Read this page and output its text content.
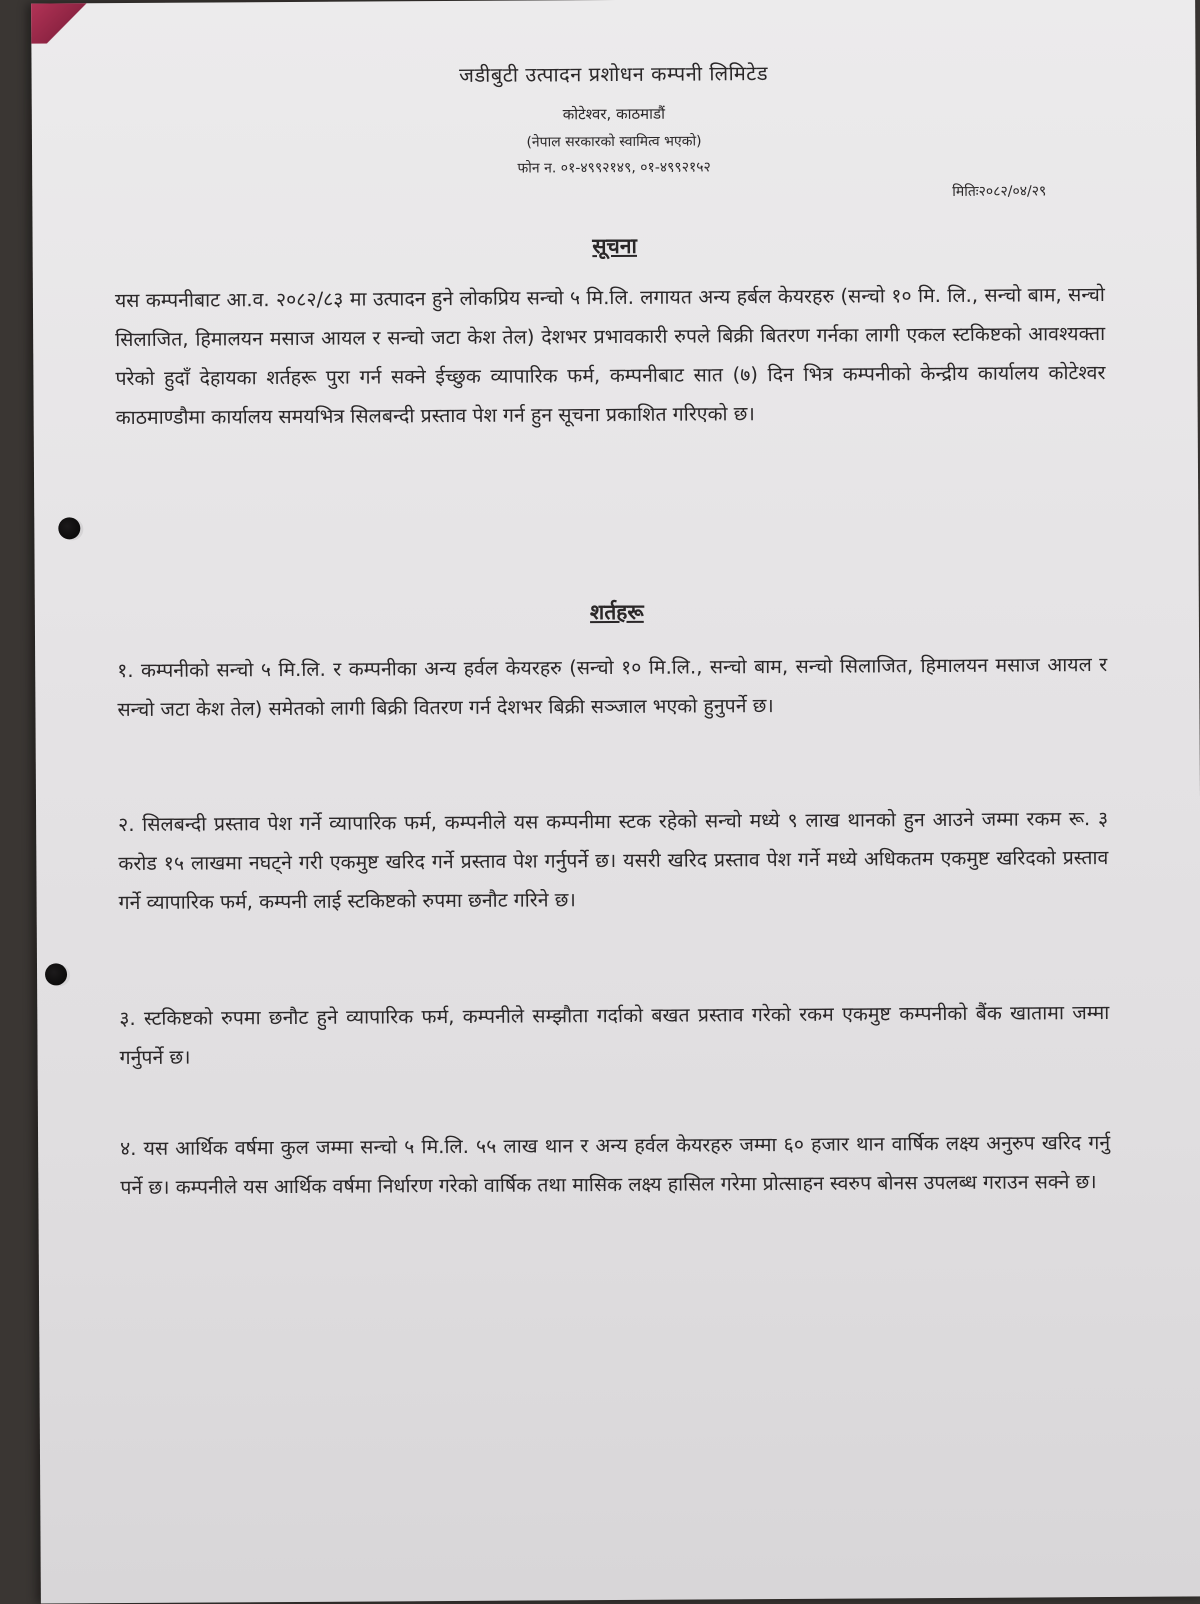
जडीबुटी उत्पादन प्रशोधन कम्पनी लिमिटेड
कोटेश्वर, काठमाडौं
(नेपाल सरकारको स्वामित्व भएको)
फोन न. ०१-४९९२१४९, ०१-४९९२१५२
मितिः२०८२/०४/२९
सूचना
यस कम्पनीबाट आ.व. २०८२/८३ मा उत्पादन हुने लोकप्रिय सन्चो ५ मि.लि. लगायत अन्य हर्बल केयरहरु (सन्चो १० मि. लि., सन्चो बाम, सन्चो सिलाजित, हिमालयन मसाज आयल र सन्चो जटा केश तेल) देशभर प्रभावकारी रुपले बिक्री बितरण गर्नका लागी एकल स्टकिष्टको आवश्यक्ता परेको हुदाँ देहायका शर्तहरू पुरा गर्न सक्ने ईच्छुक व्यापारिक फर्म, कम्पनीबाट सात (७) दिन भित्र कम्पनीको केन्द्रीय कार्यालय कोटेश्वर काठमाण्डौमा कार्यालय समयभित्र सिलबन्दी प्रस्ताव पेश गर्न हुन सूचना प्रकाशित गरिएको छ।
शर्तहरू
१. कम्पनीको सन्चो ५ मि.लि. र कम्पनीका अन्य हर्वल केयरहरु (सन्चो १० मि.लि., सन्चो बाम, सन्चो सिलाजित, हिमालयन मसाज आयल र सन्चो जटा केश तेल) समेतको लागी बिक्री वितरण गर्न देशभर बिक्री सञ्जाल भएको हुनुपर्ने छ।
२. सिलबन्दी प्रस्ताव पेश गर्ने व्यापारिक फर्म, कम्पनीले यस कम्पनीमा स्टक रहेको सन्चो मध्ये ९ लाख थानको हुन आउने जम्मा रकम रू. ३ करोड १५ लाखमा नघट्ने गरी एकमुष्ट खरिद गर्ने प्रस्ताव पेश गर्नुपर्ने छ। यसरी खरिद प्रस्ताव पेश गर्ने मध्ये अधिकतम एकमुष्ट खरिदको प्रस्ताव गर्ने व्यापारिक फर्म, कम्पनी लाई स्टकिष्टको रुपमा छनौट गरिने छ।
३. स्टकिष्टको रुपमा छनौट हुने व्यापारिक फर्म, कम्पनीले सम्झौता गर्दाको बखत प्रस्ताव गरेको रकम एकमुष्ट कम्पनीको बैंक खातामा जम्मा गर्नुपर्ने छ।
४. यस आर्थिक वर्षमा कुल जम्मा सन्चो ५ मि.लि. ५५ लाख थान र अन्य हर्वल केयरहरु जम्मा ६० हजार थान वार्षिक लक्ष्य अनुरुप खरिद गर्नु पर्ने छ। कम्पनीले यस आर्थिक वर्षमा निर्धारण गरेको वार्षिक तथा मासिक लक्ष्य हासिल गरेमा प्रोत्साहन स्वरुप बोनस उपलब्ध गराउन सक्ने छ।
